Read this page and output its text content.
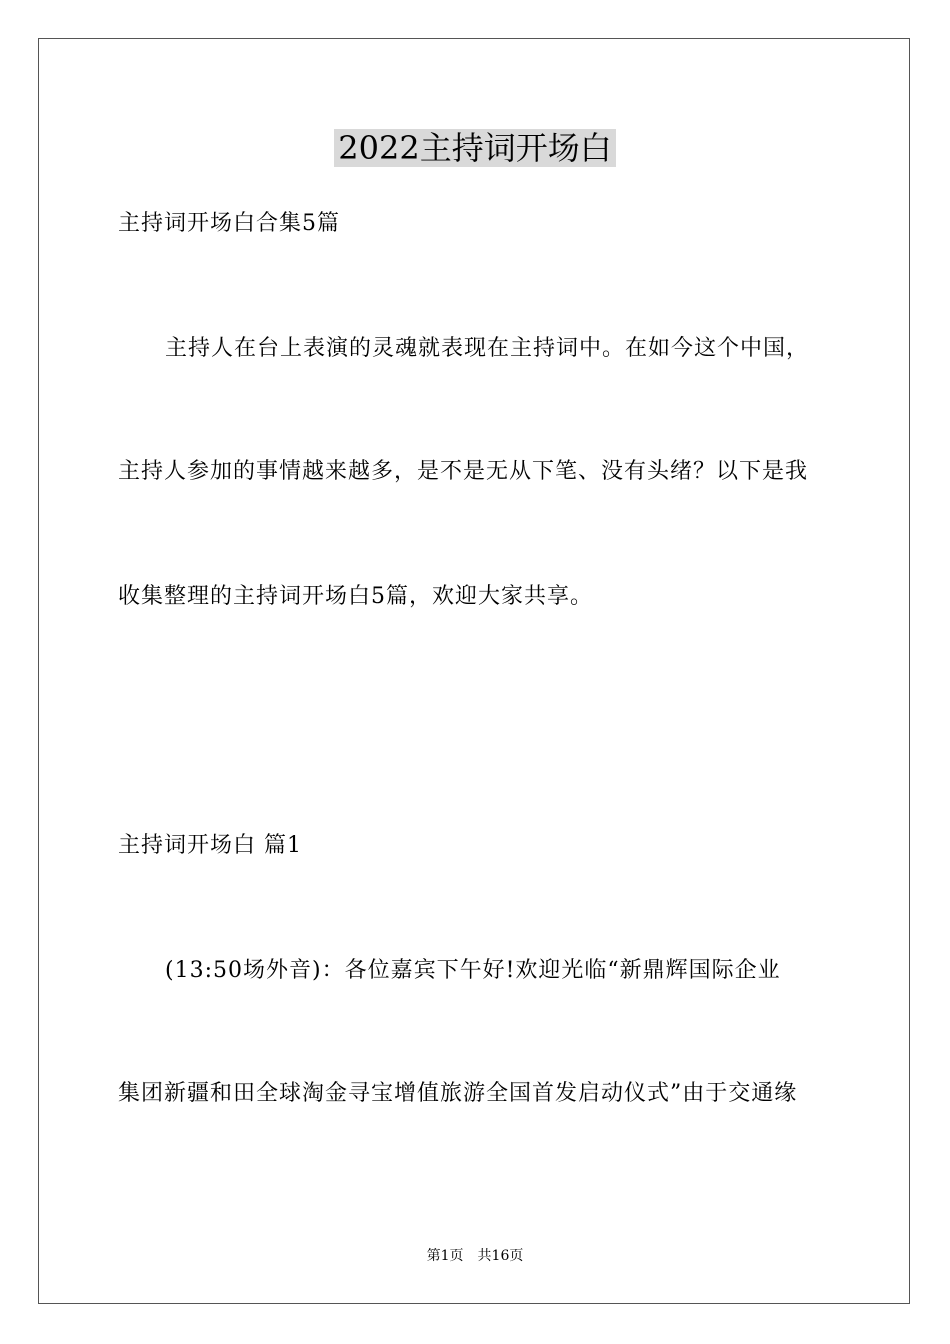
2022主持词开场白
主持词开场白合集5篇
主持人在台上表演的灵魂就表现在主持词中。在如今这个中国，
主持人参加的事情越来越多，是不是无从下笔、没有头绪？以下是我
收集整理的主持词开场白5篇，欢迎大家共享。
主持词开场白 篇1
(13:50场外音)：各位嘉宾下午好!欢迎光临“新鼎辉国际企业
集团新疆和田全球淘金寻宝增值旅游全国首发启动仪式”由于交通缘
第1页　共16页
